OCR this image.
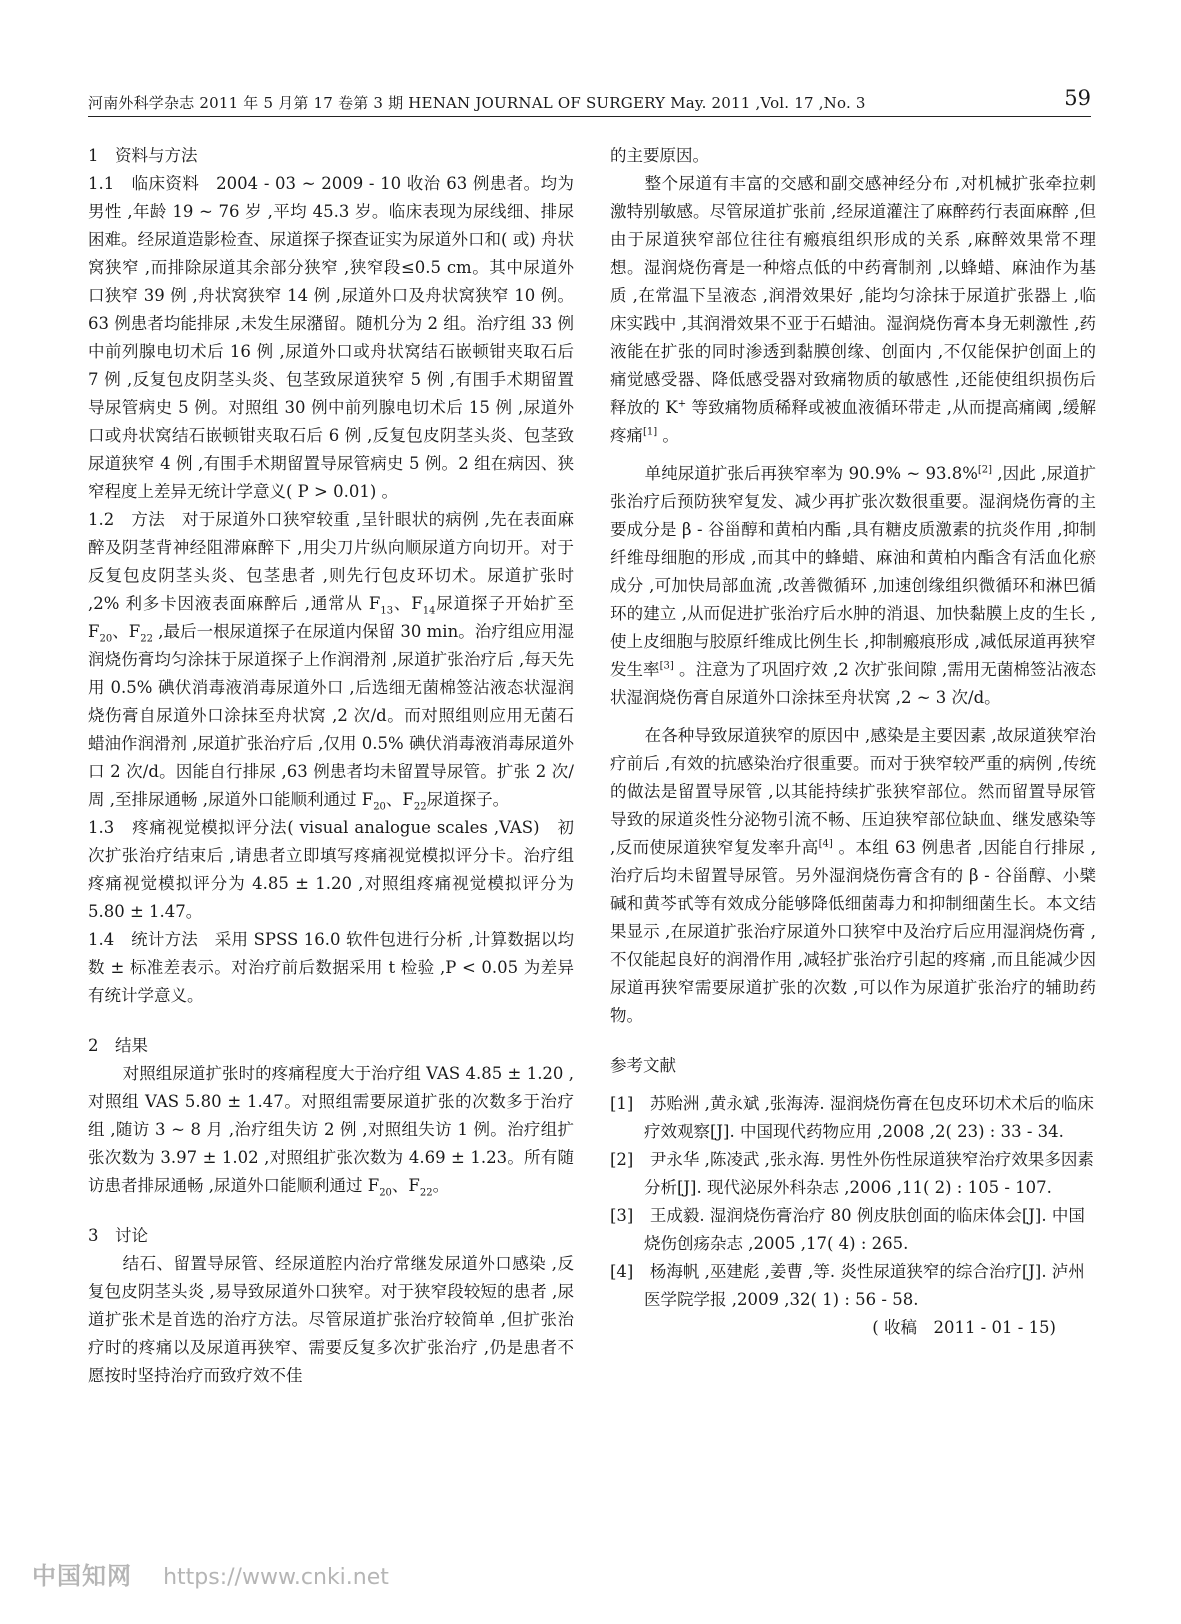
河南外科学杂志 2011 年 5 月第 17 卷第 3 期 HENAN JOURNAL OF SURGERY May. 2011 ,Vol. 17 ,No. 3	59

1　资料与方法

1.1　临床资料　2004 - 03 ~ 2009 - 10 收治 63 例患者。均为男性 ,年龄 19 ~ 76 岁 ,平均 45.3 岁。临床表现为尿线细、排尿困难。经尿道造影检查、尿道探子探查证实为尿道外口和( 或) 舟状窝狭窄 ,而排除尿道其余部分狭窄 ,狭窄段≤0.5 cm。其中尿道外口狭窄 39 例 ,舟状窝狭窄 14 例 ,尿道外口及舟状窝狭窄 10 例。63 例患者均能排尿 ,未发生尿潴留。随机分为 2 组。治疗组 33 例中前列腺电切术后 16 例 ,尿道外口或舟状窝结石嵌顿钳夹取石后 7 例 ,反复包皮阴茎头炎、包茎致尿道狭窄 5 例 ,有围手术期留置导尿管病史 5 例。对照组 30 例中前列腺电切术后 15 例 ,尿道外口或舟状窝结石嵌顿钳夹取石后 6 例 ,反复包皮阴茎头炎、包茎致尿道狭窄 4 例 ,有围手术期留置导尿管病史 5 例。2 组在病因、狭窄程度上差异无统计学意义( P > 0.01) 。

1.2　方法　对于尿道外口狭窄较重 ,呈针眼状的病例 ,先在表面麻醉及阴茎背神经阻滞麻醉下 ,用尖刀片纵向顺尿道方向切开。对于反复包皮阴茎头炎、包茎患者 ,则先行包皮环切术。尿道扩张时 ,2% 利多卡因液表面麻醉后 ,通常从 $F_{13}$、$F_{14}$尿道探子开始扩至 $F_{20}$、$F_{22}$ ,最后一根尿道探子在尿道内保留 30 min。治疗组应用湿润烧伤膏均匀涂抹于尿道探子上作润滑剂 ,尿道扩张治疗后 ,每天先用 0.5% 碘伏消毒液消毒尿道外口 ,后选细无菌棉签沾液态状湿润烧伤膏自尿道外口涂抹至舟状窝 ,2 次/d。而对照组则应用无菌石蜡油作润滑剂 ,尿道扩张治疗后 ,仅用 0.5% 碘伏消毒液消毒尿道外口 2 次/d。因能自行排尿 ,63 例患者均未留置导尿管。扩张 2 次/周 ,至排尿通畅 ,尿道外口能顺利通过 $F_{20}$、$F_{22}$尿道探子。

1.3　疼痛视觉模拟评分法( visual analogue scales ,VAS)　初次扩张治疗结束后 ,请患者立即填写疼痛视觉模拟评分卡。治疗组疼痛视觉模拟评分为 4.85 ± 1.20 ,对照组疼痛视觉模拟评分为 5.80 ± 1.47。

1.4　统计方法　采用 SPSS 16.0 软件包进行分析 ,计算数据以均数 ± 标准差表示。对治疗前后数据采用 t 检验 ,P < 0.05 为差异有统计学意义。

2　结果

对照组尿道扩张时的疼痛程度大于治疗组 VAS 4.85 ± 1.20 ,对照组 VAS 5.80 ± 1.47。对照组需要尿道扩张的次数多于治疗组 ,随访 3 ~ 8 月 ,治疗组失访 2 例 ,对照组失访 1 例。治疗组扩张次数为 3.97 ± 1.02 ,对照组扩张次数为 4.69 ± 1.23。所有随访患者排尿通畅 ,尿道外口能顺利通过 $F_{20}$、$F_{22}$。

3　讨论

结石、留置导尿管、经尿道腔内治疗常继发尿道外口感染 ,反复包皮阴茎头炎 ,易导致尿道外口狭窄。对于狭窄段较短的患者 ,尿道扩张术是首选的治疗方法。尽管尿道扩张治疗较简单 ,但扩张治疗时的疼痛以及尿道再狭窄、需要反复多次扩张治疗 ,仍是患者不愿按时坚持治疗而致疗效不佳

的主要原因。

整个尿道有丰富的交感和副交感神经分布 ,对机械扩张牵拉刺激特别敏感。尽管尿道扩张前 ,经尿道灌注了麻醉药行表面麻醉 ,但由于尿道狭窄部位往往有瘢痕组织形成的关系 ,麻醉效果常不理想。湿润烧伤膏是一种熔点低的中药膏制剂 ,以蜂蜡、麻油作为基质 ,在常温下呈液态 ,润滑效果好 ,能均匀涂抹于尿道扩张器上 ,临床实践中 ,其润滑效果不亚于石蜡油。湿润烧伤膏本身无刺激性 ,药液能在扩张的同时渗透到黏膜创缘、创面内 ,不仅能保护创面上的痛觉感受器、降低感受器对致痛物质的敏感性 ,还能使组织损伤后释放的 K+ 等致痛物质稀释或被血液循环带走 ,从而提高痛阈 ,缓解疼痛[1] 。

单纯尿道扩张后再狭窄率为 90.9% ~ 93.8%[2] ,因此 ,尿道扩张治疗后预防狭窄复发、减少再扩张次数很重要。湿润烧伤膏的主要成分是 β - 谷甾醇和黄柏内酯 ,具有糖皮质激素的抗炎作用 ,抑制纤维母细胞的形成 ,而其中的蜂蜡、麻油和黄柏内酯含有活血化瘀成分 ,可加快局部血流 ,改善微循环 ,加速创缘组织微循环和淋巴循环的建立 ,从而促进扩张治疗后水肿的消退、加快黏膜上皮的生长 ,使上皮细胞与胶原纤维成比例生长 ,抑制瘢痕形成 ,减低尿道再狭窄发生率[3] 。注意为了巩固疗效 ,2 次扩张间隙 ,需用无菌棉签沾液态状湿润烧伤膏自尿道外口涂抹至舟状窝 ,2 ~ 3 次/d。

在各种导致尿道狭窄的原因中 ,感染是主要因素 ,故尿道狭窄治疗前后 ,有效的抗感染治疗很重要。而对于狭窄较严重的病例 ,传统的做法是留置导尿管 ,以其能持续扩张狭窄部位。然而留置导尿管导致的尿道炎性分泌物引流不畅、压迫狭窄部位缺血、继发感染等 ,反而使尿道狭窄复发率升高[4] 。本组 63 例患者 ,因能自行排尿 ,治疗后均未留置导尿管。另外湿润烧伤膏含有的 β - 谷甾醇、小檗碱和黄芩甙等有效成分能够降低细菌毒力和抑制细菌生长。本文结果显示 ,在尿道扩张治疗尿道外口狭窄中及治疗后应用湿润烧伤膏 ,不仅能起良好的润滑作用 ,减轻扩张治疗引起的疼痛 ,而且能减少因尿道再狭窄需要尿道扩张的次数 ,可以作为尿道扩张治疗的辅助药物。

参考文献

[1]　苏贻洲 ,黄永斌 ,张海涛. 湿润烧伤膏在包皮环切术术后的临床疗效观察[J]. 中国现代药物应用 ,2008 ,2( 23) : 33 - 34.

[2]　尹永华 ,陈凌武 ,张永海. 男性外伤性尿道狭窄治疗效果多因素分析[J]. 现代泌尿外科杂志 ,2006 ,11( 2) : 105 - 107.

[3]　王成毅. 湿润烧伤膏治疗 80 例皮肤创面的临床体会[J]. 中国烧伤创疡杂志 ,2005 ,17( 4) : 265.

[4]　杨海帆 ,巫建彪 ,姜曹 ,等. 炎性尿道狭窄的综合治疗[J]. 泸州医学院学报 ,2009 ,32( 1) : 56 - 58.

( 收稿　2011 - 01 - 15)

中国知网 https://www.cnki.net
